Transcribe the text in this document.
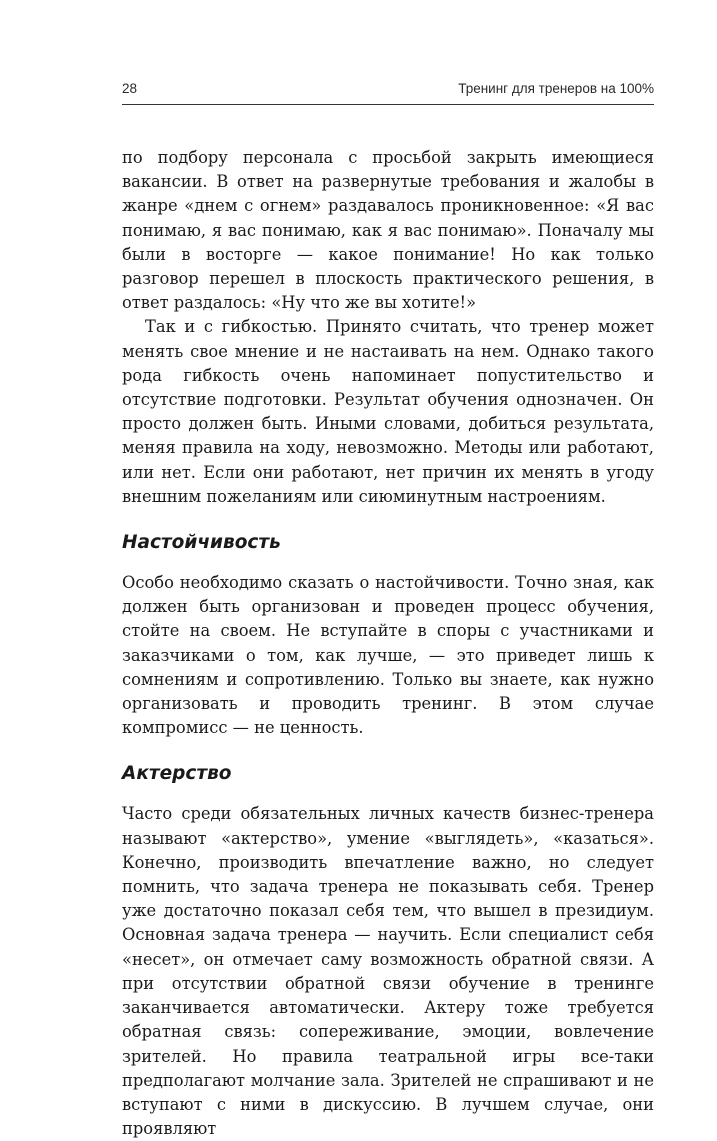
28	Тренинг для тренеров на 100%

по подбору персонала с просьбой закрыть имеющиеся вакансии. В ответ на развернутые требования и жалобы в жанре «днем с огнем» раздавалось проникновенное: «Я вас понимаю, я вас понимаю, как я вас понимаю». Поначалу мы были в восторге — какое понимание! Но как только разговор перешел в плоскость практического решения, в ответ раздалось: «Ну что же вы хотите!»

Так и с гибкостью. Принято считать, что тренер может менять свое мнение и не настаивать на нем. Однако такого рода гибкость очень напоминает попустительство и отсутствие подготовки. Результат обучения однозначен. Он просто должен быть. Иными словами, добиться результата, меняя правила на ходу, невозможно. Методы или работают, или нет. Если они работают, нет причин их менять в угоду внешним пожеланиям или сиюминутным настроениям.

Настойчивость

Особо необходимо сказать о настойчивости. Точно зная, как должен быть организован и проведен процесс обучения, стойте на своем. Не вступайте в споры с участниками и заказчиками о том, как лучше, — это приведет лишь к сомнениям и сопротивлению. Только вы знаете, как нужно организовать и проводить тренинг. В этом случае компромисс — не ценность.

Актерство

Часто среди обязательных личных качеств бизнес-тренера называют «актерство», умение «выглядеть», «казаться». Конечно, производить впечатление важно, но следует помнить, что задача тренера не показывать себя. Тренер уже достаточно показал себя тем, что вышел в президиум. Основная задача тренера — научить. Если специалист себя «несет», он отмечает саму возможность обратной связи. А при отсутствии обратной связи обучение в тренинге заканчивается автоматически. Актеру тоже требуется обратная связь: сопереживание, эмоции, вовлечение зрителей. Но правила театральной игры все-таки предполагают молчание зала. Зрителей не спрашивают и не вступают с ними в дискуссию. В лучшем случае, они проявляют
